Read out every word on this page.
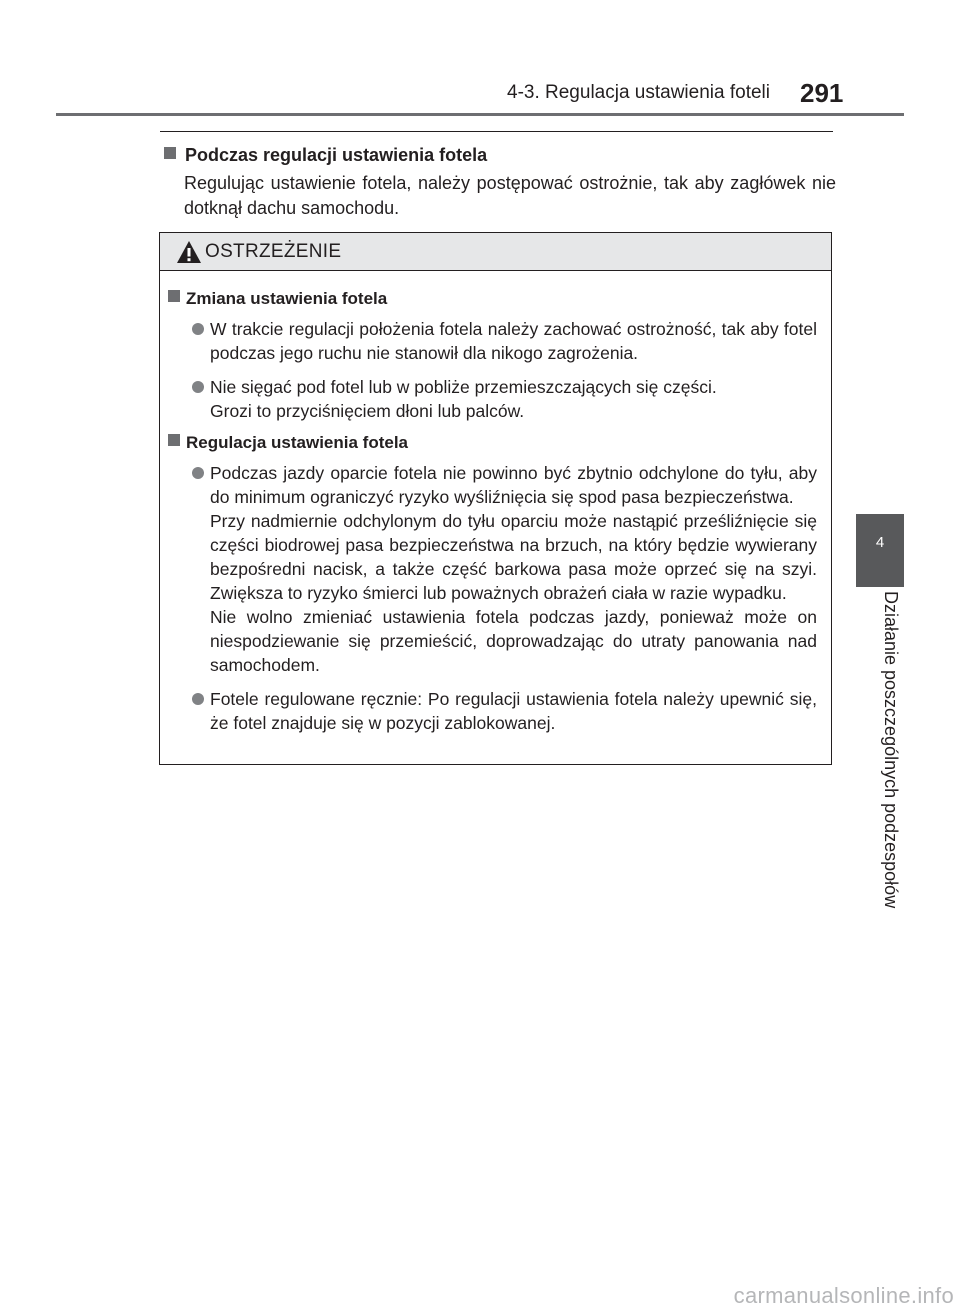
4-3. Regulacja ustawienia foteli 291
4
Działanie poszczególnych podzespołów
Podczas regulacji ustawienia fotela
Regulując ustawienie fotela, należy postępować ostrożnie, tak aby zagłówek nie dotknął dachu samochodu.
OSTRZEŻENIE
Zmiana ustawienia fotela

W trakcie regulacji położenia fotela należy zachować ostrożność, tak aby fotel podczas jego ruchu nie stanowił dla nikogo zagrożenia.

Nie sięgać pod fotel lub w pobliże przemieszczających się części.

Grozi to przyciśnięciem dłoni lub palców.

Regulacja ustawienia fotela

Podczas jazdy oparcie fotela nie powinno być zbytnio odchylone do tyłu, aby do minimum ograniczyć ryzyko wyśliźnięcia się spod pasa bezpieczeństwa.

Przy nadmiernie odchylonym do tyłu oparciu może nastąpić prześliźnięcie się części biodrowej pasa bezpieczeństwa na brzuch, na który będzie wywierany bezpośredni nacisk, a także część barkowa pasa może oprzeć się na szyi. Zwiększa to ryzyko śmierci lub poważnych obrażeń ciała w razie wypadku.

Nie wolno zmieniać ustawienia fotela podczas jazdy, ponieważ może on niespodziewanie się przemieścić, doprowadzając do utraty panowania nad samochodem.

Fotele regulowane ręcznie: Po regulacji ustawienia fotela należy upewnić się, że fotel znajduje się w pozycji zablokowanej.

carmanualsonline.info
